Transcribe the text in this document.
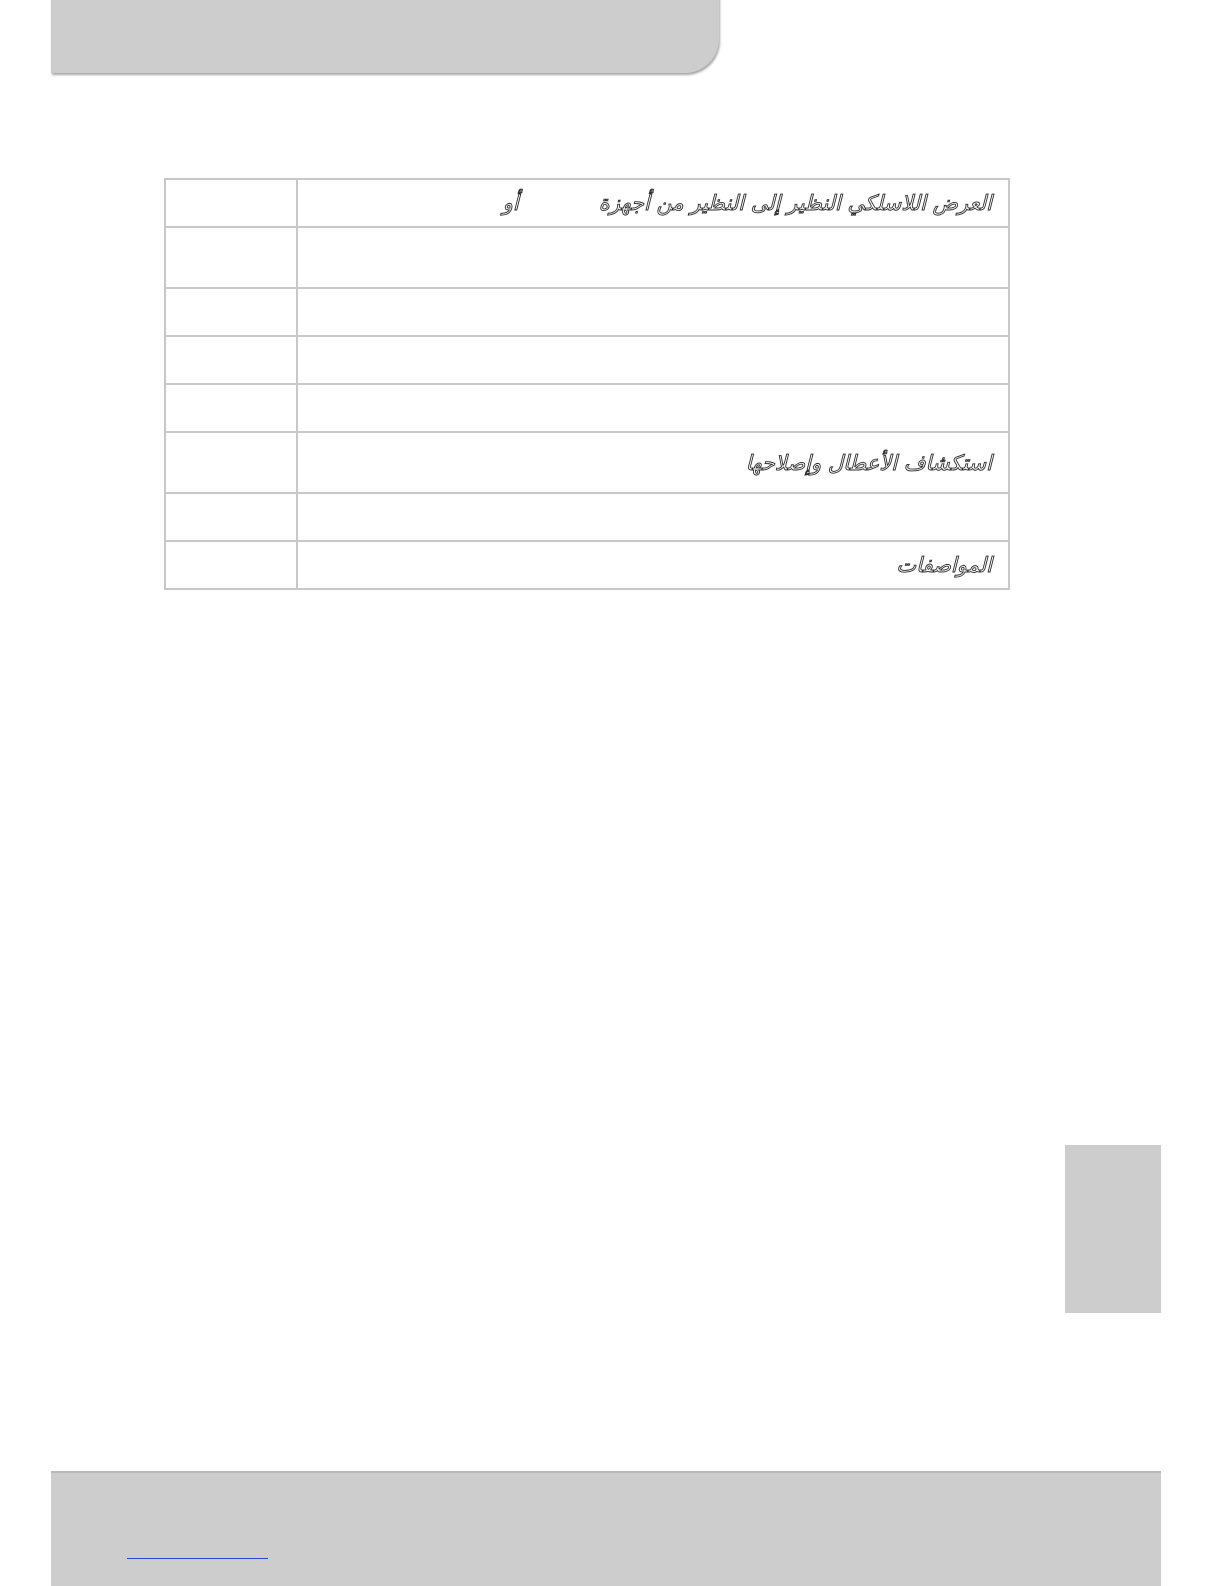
	العرض اللاسلكي النظير إلى النظير من أجهزةأو

	استكشاف الأعطال وإصلاحها

	المواصفات
